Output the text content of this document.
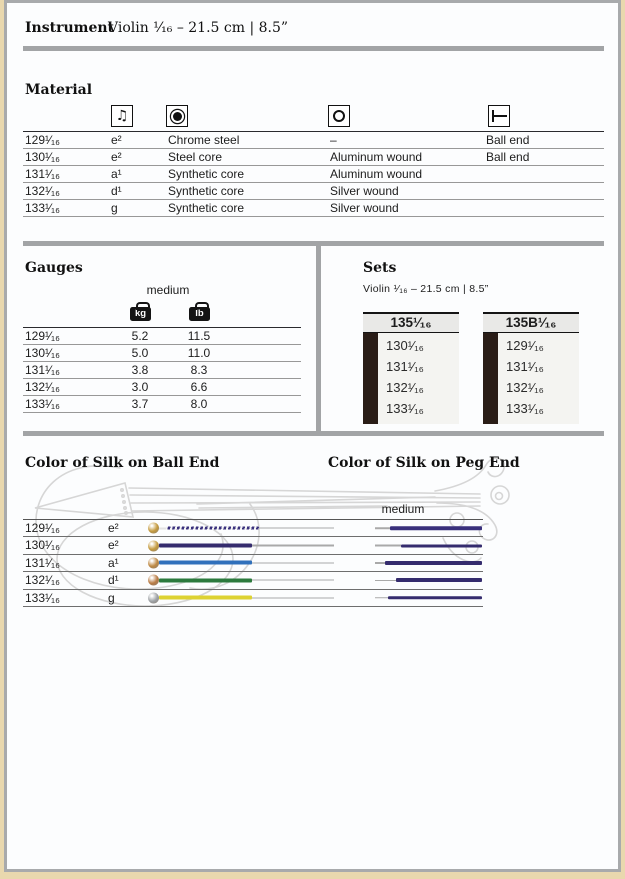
Instrument
Violin ¹⁄₁₆ – 21.5 cm | 8.5”
Material
♫
129¹⁄₁₆	e²	Chrome steel	–	Ball end
130¹⁄₁₆	e²	Steel core	Aluminum wound	Ball end
131¹⁄₁₆	a¹	Synthetic core	Aluminum wound
132¹⁄₁₆	d¹	Synthetic core	Silver wound
133¹⁄₁₆	g	Synthetic core	Silver wound
Gauges
medium
kg	lb
129¹⁄₁₆	5.2	11.5
130¹⁄₁₆	5.0	11.0
131¹⁄₁₆	3.8	8.3
132¹⁄₁₆	3.0	6.6
133¹⁄₁₆	3.7	8.0
Sets
Violin ¹⁄₁₆ – 21.5 cm | 8.5”
135¹⁄₁₆
130¹⁄₁₆
131¹⁄₁₆
132¹⁄₁₆
133¹⁄₁₆
135B¹⁄₁₆
129¹⁄₁₆
131¹⁄₁₆
132¹⁄₁₆
133¹⁄₁₆
Color of Silk on Ball End	Color of Silk on Peg End
medium
129¹⁄₁₆	e²
130¹⁄₁₆	e²
131¹⁄₁₆	a¹
132¹⁄₁₆	d¹
133¹⁄₁₆	g
